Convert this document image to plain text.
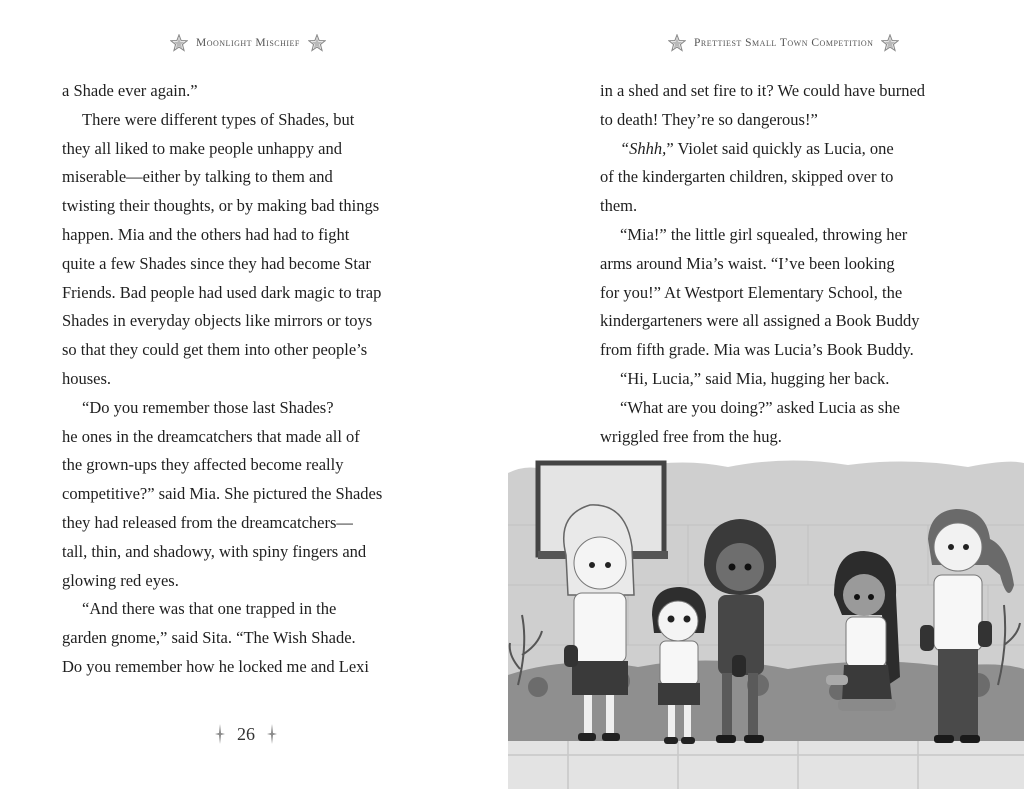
Moonlight Mischief	Prettiest Small Town Competition
a Shade ever again.”
There were different types of Shades, but
they all liked to make people unhappy and
miserable—either by talking to them and
twisting their thoughts, or by making bad things
happen. Mia and the others had had to fight
quite a few Shades since they had become Star
Friends. Bad people had used dark magic to trap
Shades in everyday objects like mirrors or toys
so that they could get them into other people’s
houses.
“Do you remember those last Shades?
he ones in the dreamcatchers that made all of
the grown-ups they affected become really
competitive?” said Mia. She pictured the Shades
they had released from the dreamcatchers—
tall, thin, and shadowy, with spiny fingers and
glowing red eyes.
“And there was that one trapped in the
garden gnome,” said Sita. “The Wish Shade.
Do you remember how he locked me and Lexi
in a shed and set fire to it? We could have burned
to death! They’re so dangerous!”
“Shhh,” Violet said quickly as Lucia, one
of the kindergarten children, skipped over to
them.
“Mia!” the little girl squealed, throwing her
arms around Mia’s waist. “I’ve been looking
for you!” At Westport Elementary School, the
kindergarteners were all assigned a Book Buddy
from fifth grade. Mia was Lucia’s Book Buddy.
“Hi, Lucia,” said Mia, hugging her back.
“What are you doing?” asked Lucia as she
wriggled free from the hug.
26
